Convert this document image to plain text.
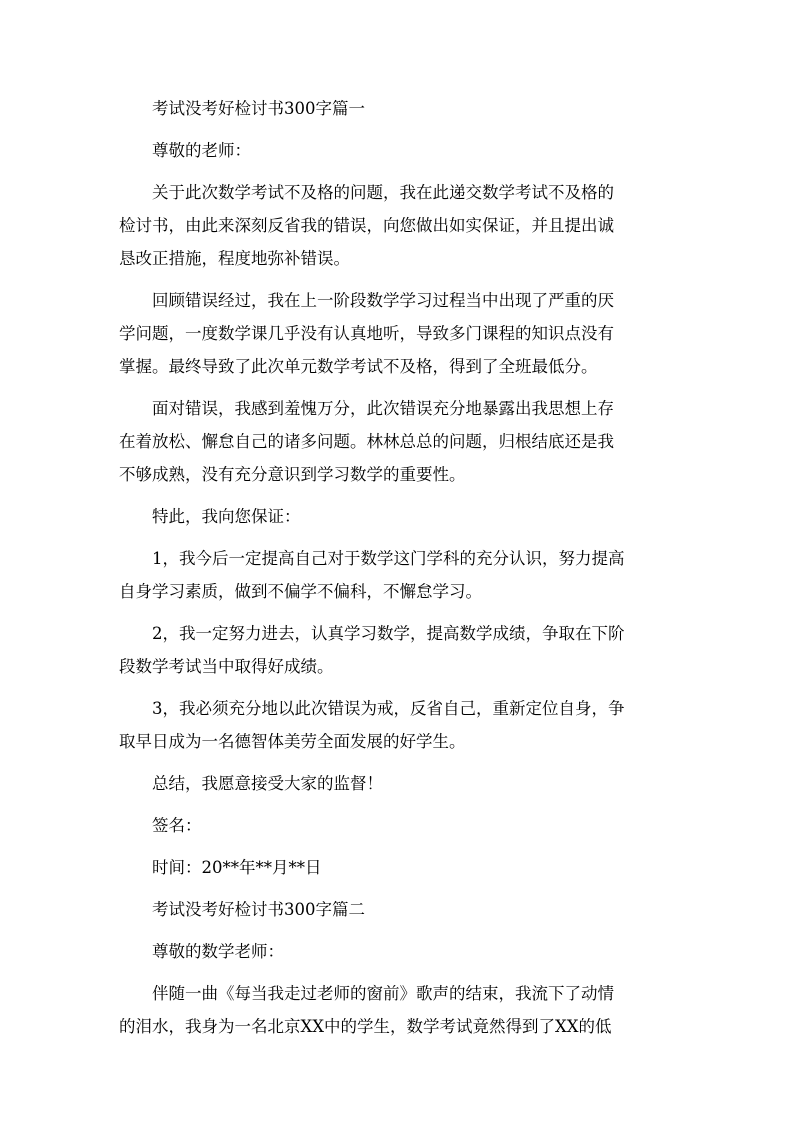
考试没考好检讨书300字篇一

尊敬的老师：

关于此次数学考试不及格的问题，我在此递交数学考试不及格的

检讨书，由此来深刻反省我的错误，向您做出如实保证，并且提出诚

恳改正措施，程度地弥补错误。

回顾错误经过，我在上一阶段数学学习过程当中出现了严重的厌

学问题，一度数学课几乎没有认真地听，导致多门课程的知识点没有

掌握。最终导致了此次单元数学考试不及格，得到了全班最低分。

面对错误，我感到羞愧万分，此次错误充分地暴露出我思想上存

在着放松、懈怠自己的诸多问题。林林总总的问题，归根结底还是我

不够成熟，没有充分意识到学习数学的重要性。

特此，我向您保证：

1，我今后一定提高自己对于数学这门学科的充分认识，努力提高

自身学习素质，做到不偏学不偏科，不懈怠学习。

2，我一定努力进去，认真学习数学，提高数学成绩，争取在下阶

段数学考试当中取得好成绩。

3，我必须充分地以此次错误为戒，反省自己，重新定位自身，争

取早日成为一名德智体美劳全面发展的好学生。

总结，我愿意接受大家的监督！

签名：

时间：20**年**月**日

考试没考好检讨书300字篇二

尊敬的数学老师：

伴随一曲《每当我走过老师的窗前》歌声的结束，我流下了动情

的泪水，我身为一名北京XX中的学生，数学考试竟然得到了XX的低
